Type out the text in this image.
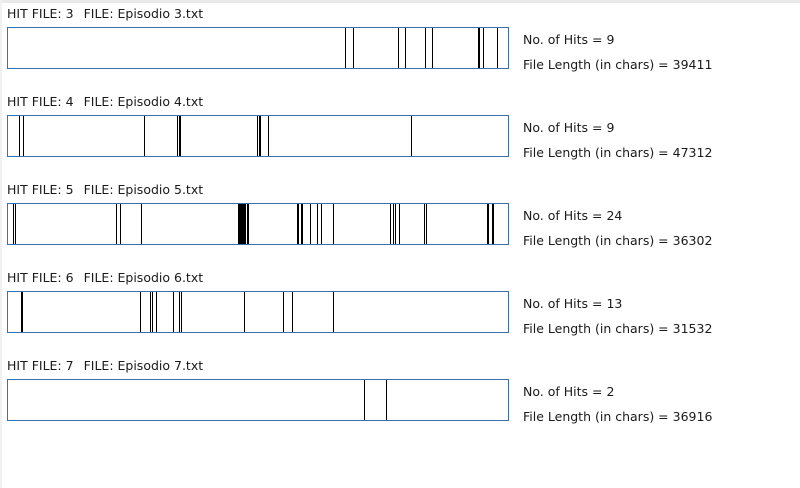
HIT FILE: 3 FILE: Episodio 3.txt
No. of Hits = 9
File Length (in chars) = 39411
HIT FILE: 4 FILE: Episodio 4.txt
No. of Hits = 9
File Length (in chars) = 47312
HIT FILE: 5 FILE: Episodio 5.txt
No. of Hits = 24
File Length (in chars) = 36302
HIT FILE: 6 FILE: Episodio 6.txt
No. of Hits = 13
File Length (in chars) = 31532
HIT FILE: 7 FILE: Episodio 7.txt
No. of Hits = 2
File Length (in chars) = 36916
